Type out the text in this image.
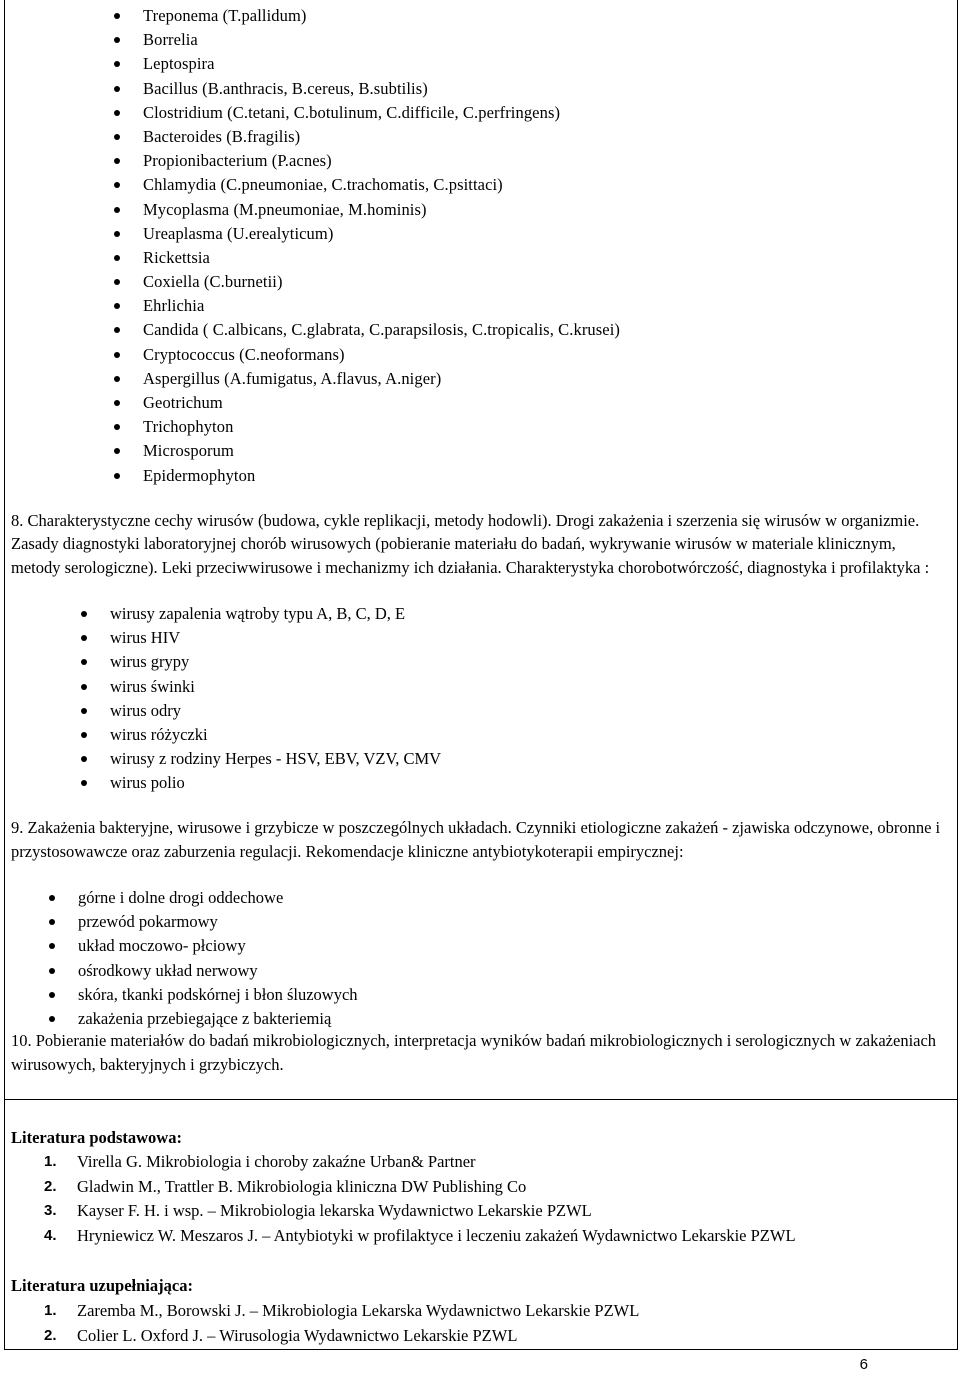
Treponema (T.pallidum)
Borrelia
Leptospira
Bacillus (B.anthracis, B.cereus, B.subtilis)
Clostridium (C.tetani, C.botulinum, C.difficile, C.perfringens)
Bacteroides (B.fragilis)
Propionibacterium (P.acnes)
Chlamydia (C.pneumoniae, C.trachomatis, C.psittaci)
Mycoplasma (M.pneumoniae, M.hominis)
Ureaplasma (U.erealyticum)
Rickettsia
Coxiella (C.burnetii)
Ehrlichia
Candida ( C.albicans, C.glabrata, C.parapsilosis, C.tropicalis, C.krusei)
Cryptococcus (C.neoformans)
Aspergillus (A.fumigatus, A.flavus, A.niger)
Geotrichum
Trichophyton
Microsporum
Epidermophyton
8. Charakterystyczne cechy wirusów (budowa, cykle replikacji, metody hodowli). Drogi zakażenia i szerzenia się wirusów w organizmie. Zasady diagnostyki laboratoryjnej chorób wirusowych (pobieranie materiału do badań, wykrywanie wirusów w materiale klinicznym, metody serologiczne). Leki przeciwwirusowe i mechanizmy ich działania. Charakterystyka chorobotwórczość, diagnostyka i profilaktyka :
wirusy zapalenia wątroby typu A, B, C, D, E
wirus HIV
wirus grypy
wirus świnki
wirus odry
wirus różyczki
wirusy z rodziny Herpes - HSV, EBV, VZV, CMV
wirus polio
9. Zakażenia bakteryjne, wirusowe i grzybicze w poszczególnych układach. Czynniki etiologiczne zakażeń - zjawiska odczynowe, obronne i przystosowawcze oraz zaburzenia regulacji. Rekomendacje kliniczne antybiotykoterapii empirycznej:
górne i dolne drogi oddechowe
przewód pokarmowy
układ moczowo- płciowy
ośrodkowy układ nerwowy
skóra, tkanki podskórnej i błon śluzowych
zakażenia przebiegające z bakteriemią
10. Pobieranie materiałów do badań mikrobiologicznych, interpretacja wyników badań mikrobiologicznych i serologicznych w zakażeniach wirusowych, bakteryjnych i grzybiczych.
Literatura podstawowa:
1.	Virella G. Mikrobiologia i choroby zakaźne Urban& Partner
2.	Gladwin M., Trattler B. Mikrobiologia kliniczna DW Publishing Co
3.	Kayser F. H. i wsp. – Mikrobiologia lekarska Wydawnictwo Lekarskie PZWL
4.	Hryniewicz W. Meszaros J. – Antybiotyki w profilaktyce i leczeniu zakażeń Wydawnictwo Lekarskie PZWL
Literatura uzupełniająca:
1.	Zaremba M., Borowski J. – Mikrobiologia Lekarska Wydawnictwo Lekarskie PZWL
2.	Colier L. Oxford J. – Wirusologia Wydawnictwo Lekarskie PZWL
6
